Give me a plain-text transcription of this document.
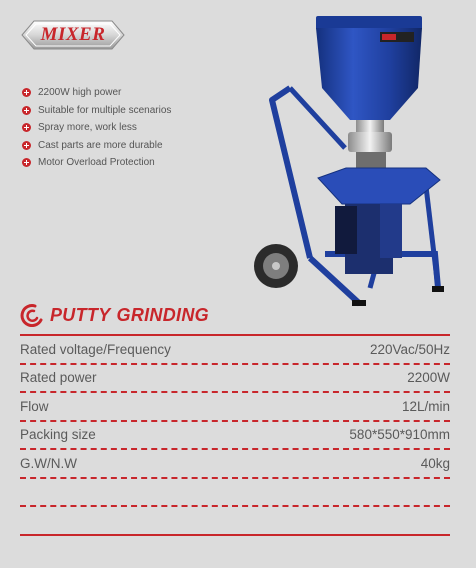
MIXER
2200W high power
Suitable for multiple scenarios
Spray more, work less
Cast parts are more durable
Motor Overload Protection
PUTTY GRINDING
Rated voltage/Frequency	220Vac/50Hz
Rated power	2200W
Flow	12L/min
Packing size	580*550*910mm
G.W/N.W	40kg
